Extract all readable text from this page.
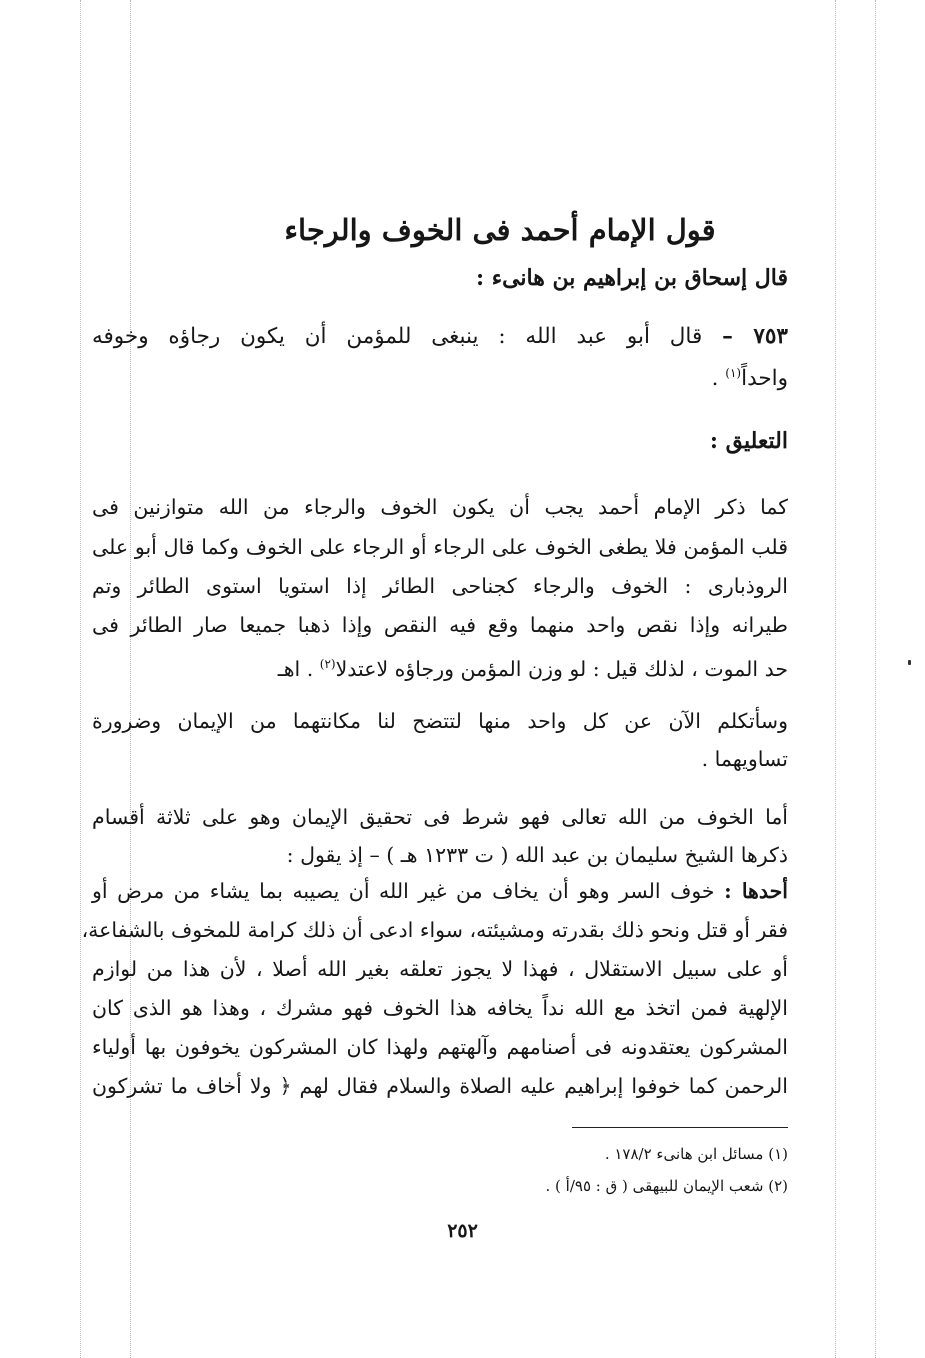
قول الإمام أحمد فى الخوف والرجاء
قال إسحاق بن إبراهيم بن هانىء :
٧٥٣ – قال أبو عبد الله : ينبغى للمؤمن أن يكون رجاؤه وخوفه
واحداً$^{(١)}$ .
التعليق :
كما ذكر الإمام أحمد يجب أن يكون الخوف والرجاء من الله متوازنين فى
قلب المؤمن فلا يطغى الخوف على الرجاء أو الرجاء على الخوف وكما قال أبو على
الروذبارى : الخوف والرجاء كجناحى الطائر إذا استويا استوى الطائر وتم
طيرانه وإذا نقص واحد منهما وقع فيه النقص وإذا ذهبا جميعا صار الطائر فى
حد الموت ، لذلك قيل : لو وزن المؤمن ورجاؤه لاعتدلا$^{(٢)}$ . اهـ
وسأتكلم الآن عن كل واحد منها لتتضح لنا مكانتهما من الإيمان وضرورة
تساويهما .
أما الخوف من الله تعالى فهو شرط فى تحقيق الإيمان وهو على ثلاثة أقسام
ذكرها الشيخ سليمان بن عبد الله ( ت ١٢٣٣ هـ ) – إذ يقول :
أحدها : خوف السر وهو أن يخاف من غير الله أن يصيبه بما يشاء من مرض أو
فقر أو قتل ونحو ذلك بقدرته ومشيئته، سواء ادعى أن ذلك كرامة للمخوف بالشفاعة،
أو على سبيل الاستقلال ، فهذا لا يجوز تعلقه بغير الله أصلا ، لأن هذا من لوازم
الإلهية فمن اتخذ مع الله نداً يخافه هذا الخوف فهو مشرك ، وهذا هو الذى كان
المشركون يعتقدونه فى أصنامهم وآلهتهم ولهذا كان المشركون يخوفون بها أولياء
الرحمن كما خوفوا إبراهيم عليه الصلاة والسلام فقال لهم ﴿ ولا أخاف ما تشركون
(١) مسائل ابن هانىء ١٧٨/٢ .
(٢) شعب الإيمان للبيهقى ( ق : ٩٥/أ ) .
٢٥٢
